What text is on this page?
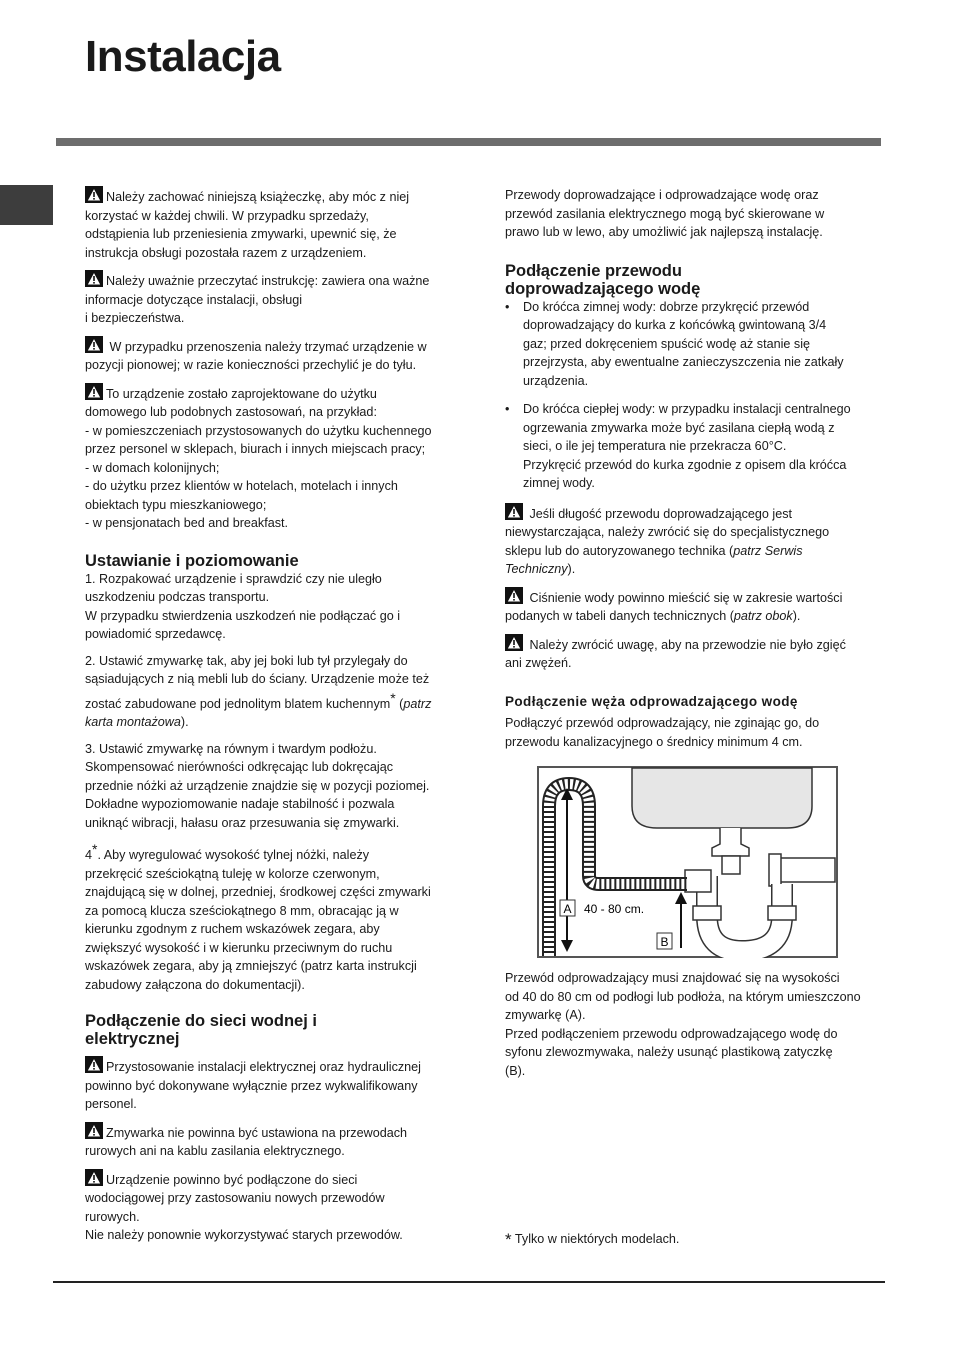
Instalacja

Należy zachować niniejszą książeczkę, aby móc z niej
korzystać w każdej chwili. W przypadku sprzedaży,
odstąpienia lub przeniesienia zmywarki, upewnić się, że
instrukcja obsługi pozostała razem z urządzeniem.

Należy uważnie przeczytać instrukcję: zawiera ona ważne
informacje dotyczące instalacji, obsługi
i bezpieczeństwa.

W przypadku przenoszenia należy trzymać urządzenie w
pozycji pionowej; w razie konieczności przechylić je do tyłu.

To urządzenie zostało zaprojektowane do użytku
domowego lub podobnych zastosowań, na przykład:
- w pomieszczeniach przystosowanych do użytku kuchennego
przez personel w sklepach, biurach i innych miejscach pracy;
- w domach kolonijnych;
- do użytku przez klientów w hotelach, motelach i innych
obiektach typu mieszkaniowego;
- w pensjonatach bed and breakfast.

Ustawianie i poziomowanie

1. Rozpakować urządzenie i sprawdzić czy nie uległo
uszkodzeniu podczas transportu.
W przypadku stwierdzenia uszkodzeń nie podłączać go i
powiadomić sprzedawcę.

2. Ustawić zmywarkę tak, aby jej boki lub tył przylegały do
sąsiadujących z nią mebli lub do ściany. Urządzenie może też
zostać zabudowane pod jednolitym blatem kuchennym* (patrz
karta montażowa).

3. Ustawić zmywarkę na równym i twardym podłożu.
Skompensować nierówności odkręcając lub dokręcając
przednie nóżki aż urządzenie znajdzie się w pozycji poziomej.
Dokładne wypoziomowanie nadaje stabilność i pozwala
uniknąć wibracji, hałasu oraz przesuwania się zmywarki.

4*. Aby wyregulować wysokość tylnej nóżki, należy
przekręcić sześciokątną tuleję w kolorze czerwonym,
znajdującą się w dolnej, przedniej, środkowej części zmywarki
za pomocą klucza sześciokątnego 8 mm, obracając ją w
kierunku zgodnym z ruchem wskazówek zegara, aby
zwiększyć wysokość i w kierunku przeciwnym do ruchu
wskazówek zegara, aby ją zmniejszyć (patrz karta instrukcji
zabudowy załączona do dokumentacji).

Podłączenie do sieci wodnej i
elektrycznej

Przystosowanie instalacji elektrycznej oraz hydraulicznej
powinno być dokonywane wyłącznie przez wykwalifikowany
personel.

Zmywarka nie powinna być ustawiona na przewodach
rurowych ani na kablu zasilania elektrycznego.

Urządzenie powinno być podłączone do sieci
wodociągowej przy zastosowaniu nowych przewodów
rurowych.
Nie należy ponownie wykorzystywać starych przewodów.

Przewody doprowadzające i odprowadzające wodę oraz
przewód zasilania elektrycznego mogą być skierowane w
prawo lub w lewo, aby umożliwić jak najlepszą instalację.

Podłączenie przewodu
doprowadzającego wodę
• Do króćca zimnej wody: dobrze przykręcić przewód
doprowadzający do kurka z końcówką gwintowaną 3/4
gaz; przed dokręceniem spuścić wodę aż stanie się
przejrzysta, aby ewentualne zanieczyszczenia nie zatkały
urządzenia.
• Do króćca ciepłej wody: w przypadku instalacji centralnego
ogrzewania zmywarka może być zasilana ciepłą wodą z
sieci, o ile jej temperatura nie przekracza 60°C.
Przykręcić przewód do kurka zgodnie z opisem dla króćca
zimnej wody.

Jeśli długość przewodu doprowadzającego jest
niewystarczająca, należy zwrócić się do specjalistycznego
sklepu lub do autoryzowanego technika (patrz Serwis
Techniczny).

Ciśnienie wody powinno mieścić się w zakresie wartości
podanych w tabeli danych technicznych (patrz obok).

Należy zwrócić uwagę, aby na przewodzie nie było zgięć
ani zwężeń.

Podłączenie węża odprowadzającego wodę

Podłączyć przewód odprowadzający, nie zginając go, do
przewodu kanalizacyjnego o średnicy minimum 4 cm.

A 40 - 80 cm.
B

Przewód odprowadzający musi znajdować się na wysokości
od 40 do 80 cm od podłogi lub podłoża, na którym umieszczono
zmywarkę (A).
Przed podłączeniem przewodu odprowadzającego wodę do
syfonu zlewozmywaka, należy usunąć plastikową zatyczkę
(B).

* Tylko w niektórych modelach.
